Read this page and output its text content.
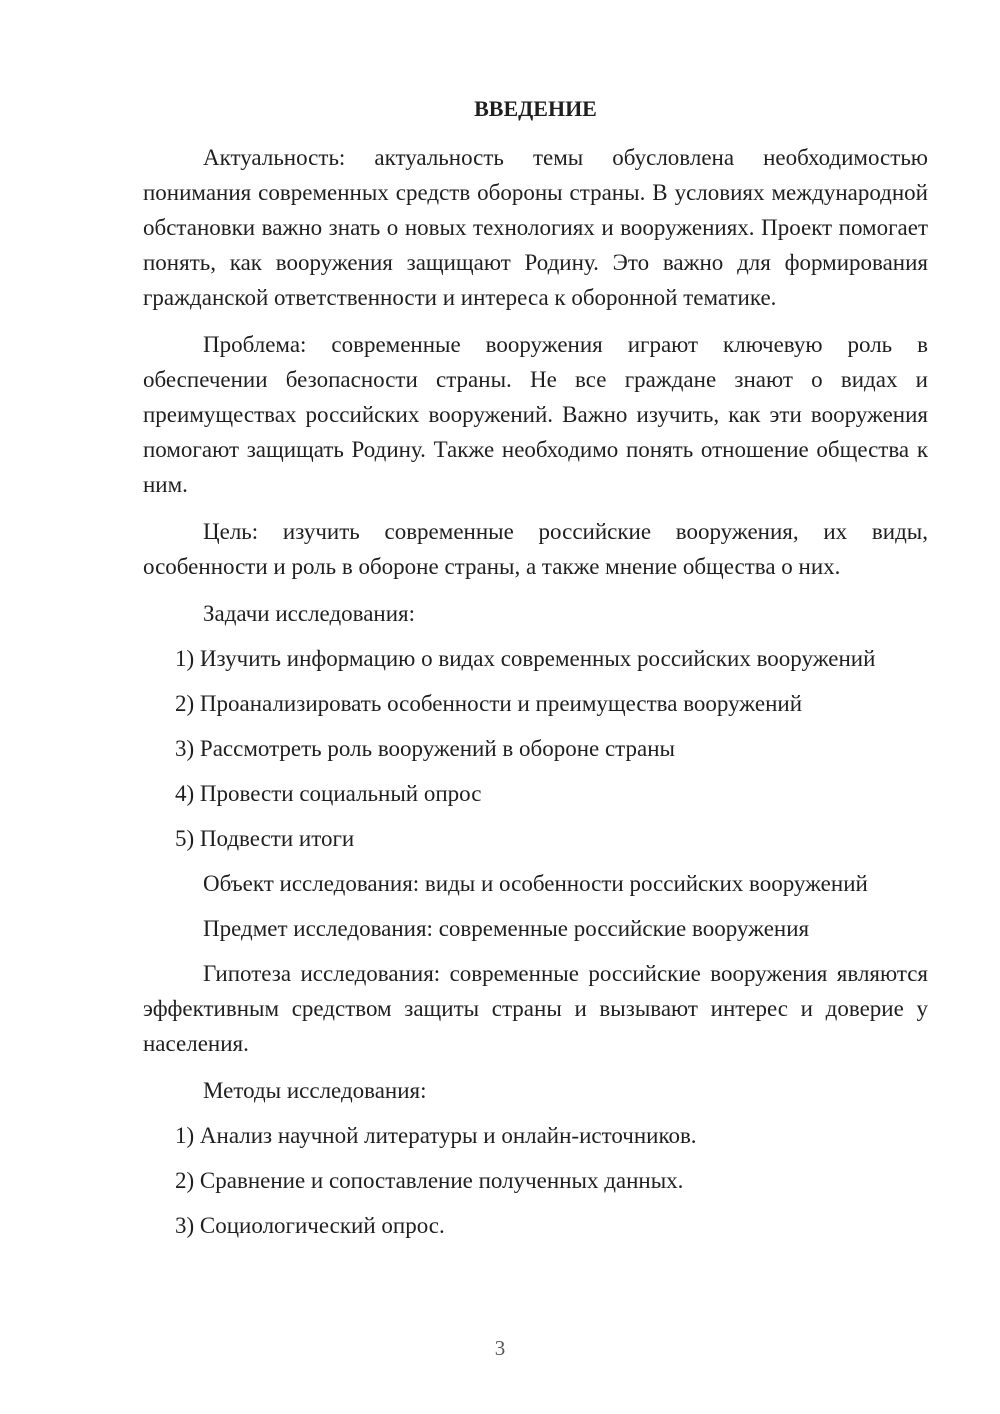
ВВЕДЕНИЕ

Актуальность: актуальность темы обусловлена необходимостью понимания современных средств обороны страны. В условиях международной обстановки важно знать о новых технологиях и вооружениях. Проект помогает понять, как вооружения защищают Родину. Это важно для формирования гражданской ответственности и интереса к оборонной тематике.

Проблема: современные вооружения играют ключевую роль в обеспечении безопасности страны. Не все граждане знают о видах и преимуществах российских вооружений. Важно изучить, как эти вооружения помогают защищать Родину. Также необходимо понять отношение общества к ним.

Цель: изучить современные российские вооружения, их виды, особенности и роль в обороне страны, а также мнение общества о них.

Задачи исследования:
1) Изучить информацию о видах современных российских вооружений
2) Проанализировать особенности и преимущества вооружений
3) Рассмотреть роль вооружений в обороне страны
4) Провести социальный опрос
5) Подвести итоги
Объект исследования: виды и особенности российских вооружений
Предмет исследования: современные российские вооружения

Гипотеза исследования: современные российские вооружения являются эффективным средством защиты страны и вызывают интерес и доверие у населения.

Методы исследования:
1) Анализ научной литературы и онлайн-источников.
2) Сравнение и сопоставление полученных данных.
3) Социологический опрос.
3
